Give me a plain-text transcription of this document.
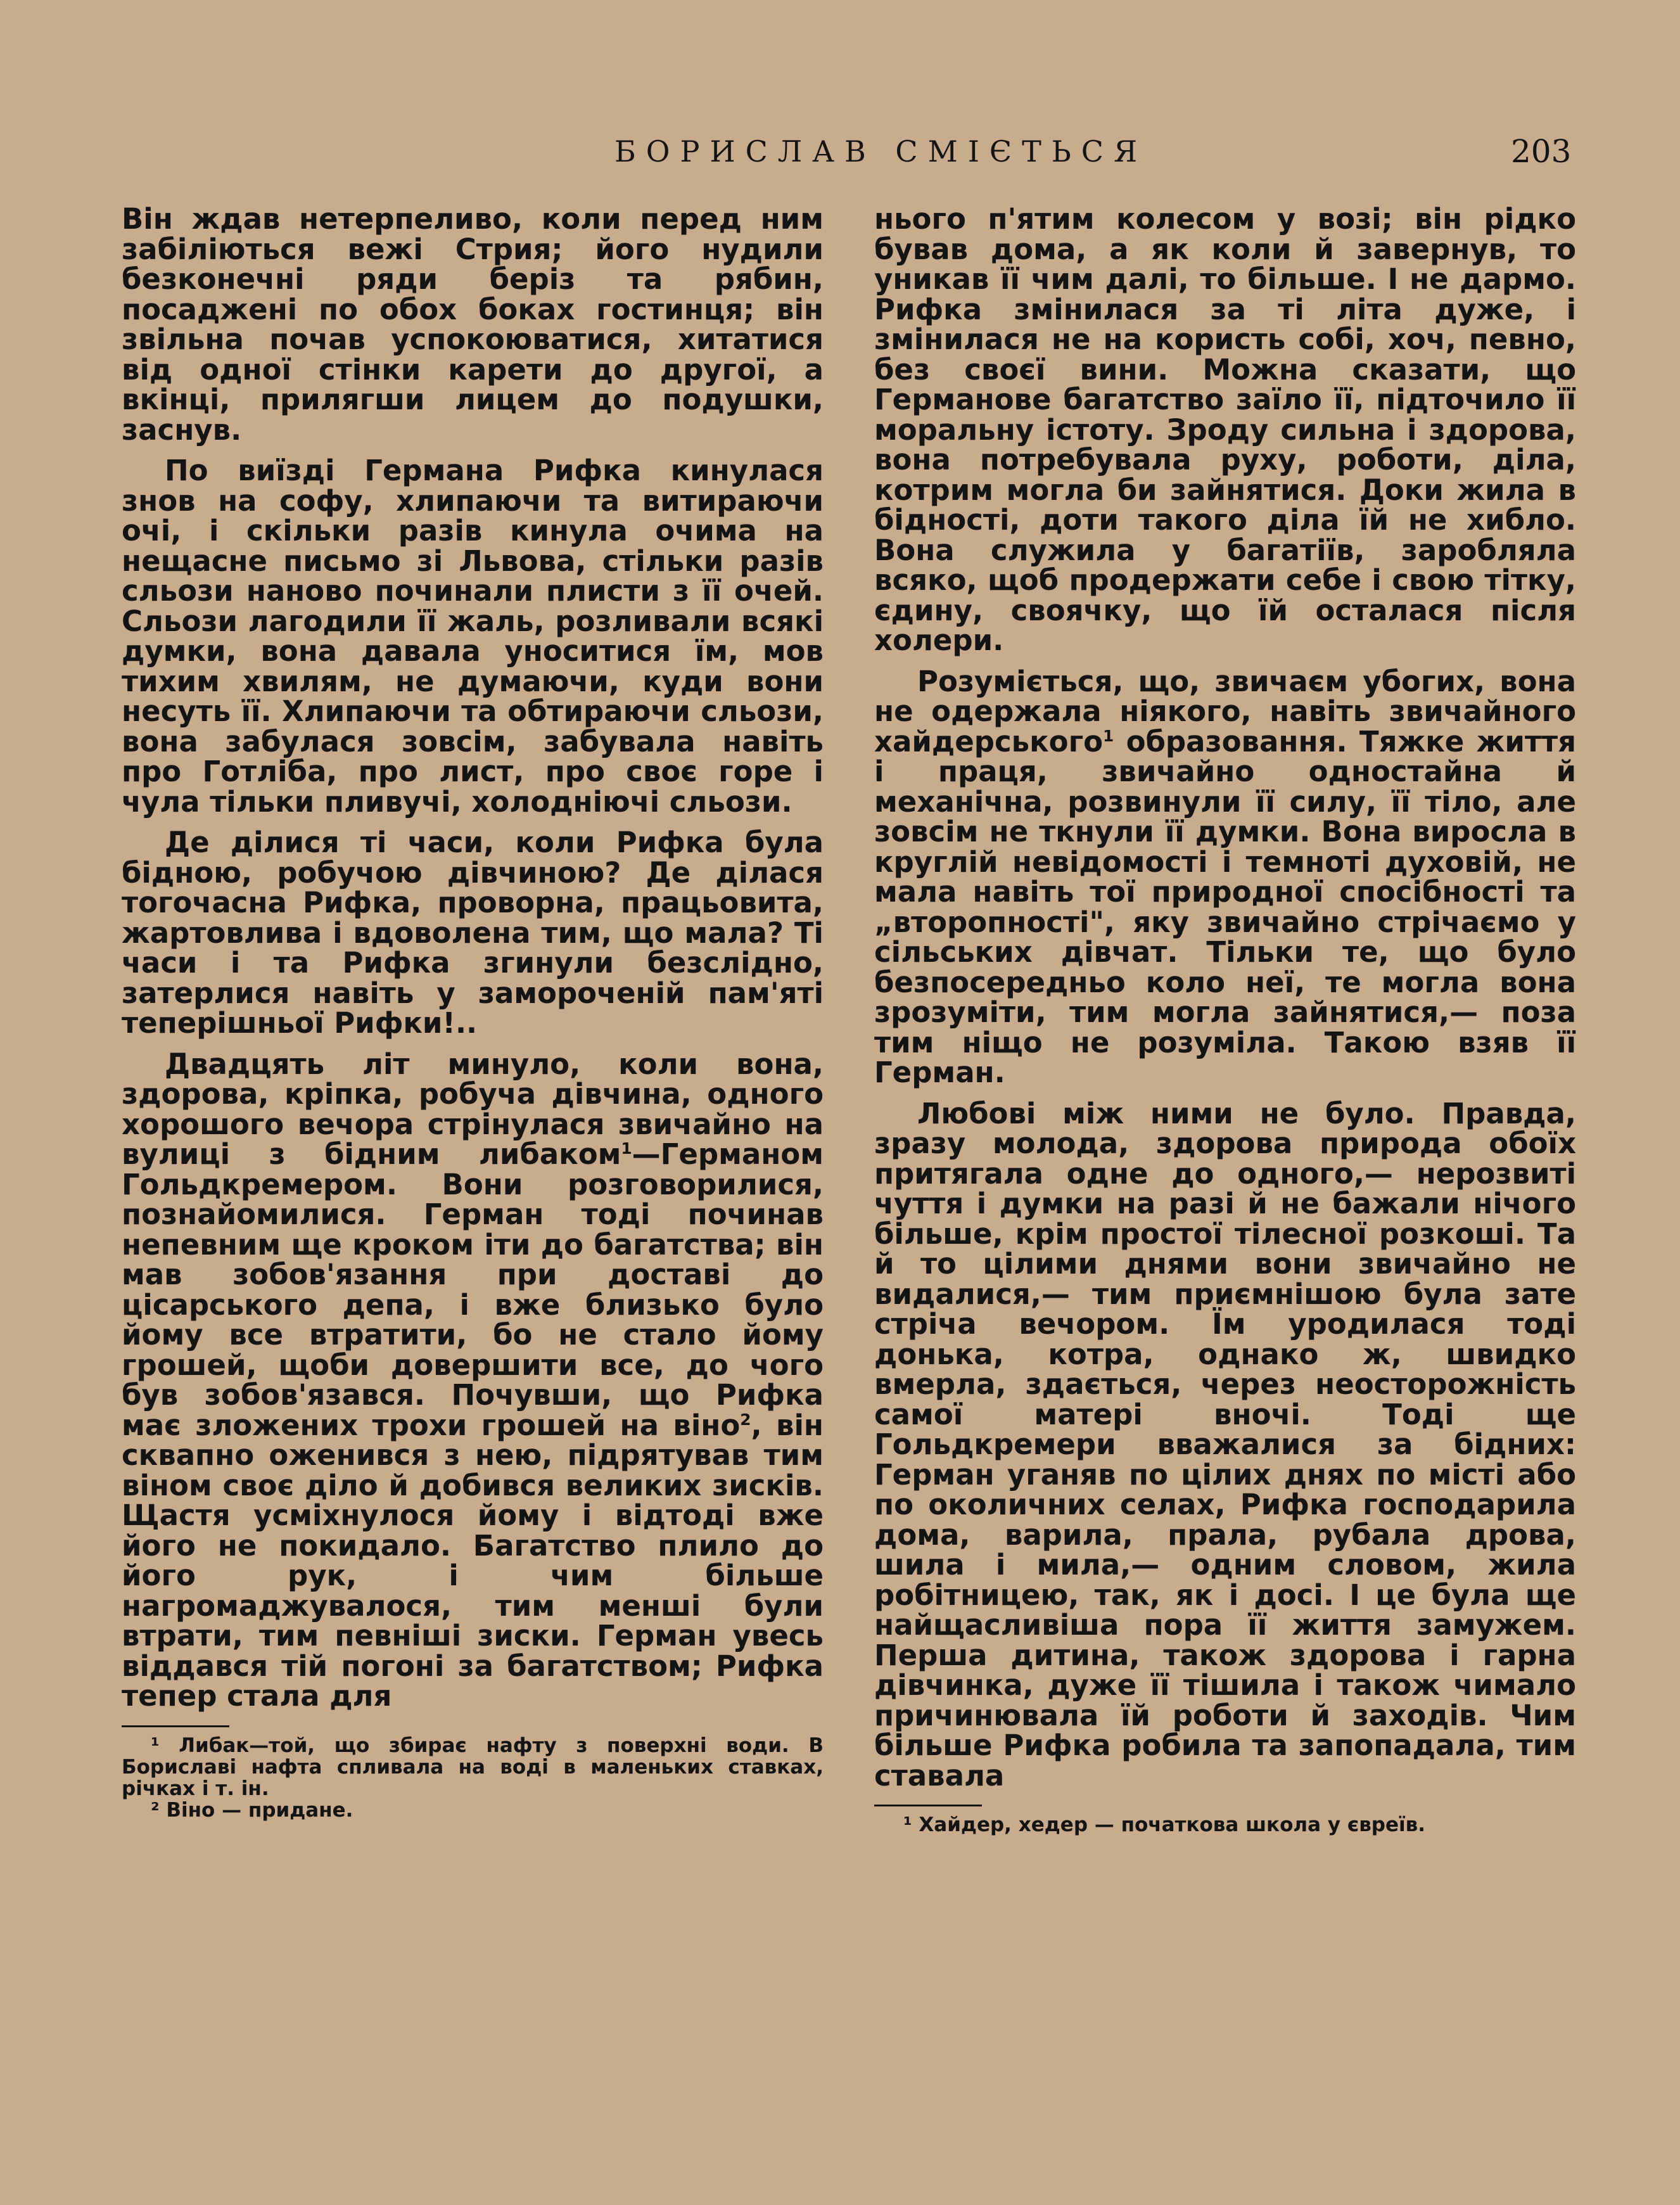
БОРИСЛАВ СМІЄТЬСЯ	203

Він ждав нетерпеливо, коли перед ним забіліються вежі Стрия; його нудили безконечні ряди беріз та рябин, посаджені по обох боках гостинця; він звільна почав успокоюватися, хитатися від одної стінки карети до другої, а вкінці, прилягши лицем до подушки, заснув.

По виїзді Германа Рифка кинулася знов на софу, хлипаючи та витираючи очі, і скільки разів кинула очима на нещасне письмо зі Львова, стільки разів сльози наново починали плисти з її очей. Сльози лагодили її жаль, розливали всякі думки, вона давала уноситися їм, мов тихим хвилям, не думаючи, куди вони несуть її. Хлипаючи та обтираючи сльози, вона забулася зовсім, забувала навіть про Готліба, про лист, про своє горе і чула тільки пливучі, холодніючі сльози.

Де ділися ті часи, коли Рифка була бідною, робучою дівчиною? Де ділася тогочасна Рифка, проворна, працьовита, жартовлива і вдоволена тим, що мала? Ті часи і та Рифка згинули безслідно, затерлися навіть у замороченій пам'яті теперішньої Рифки!..

Двадцять літ минуло, коли вона, здорова, кріпка, робуча дівчина, одного хорошого вечора стрінулася звичайно на вулиці з бідним либаком$^1$—Германом Гольдкремером. Вони розговорилися, познайомилися. Герман тоді починав непевним ще кроком іти до багатства; він мав зобов'язання при доставі до цісарського депа, і вже близько було йому все втратити, бо не стало йому грошей, щоби довершити все, до чого був зобов'язався. Почувши, що Рифка має зложених трохи грошей на віно$^2$, він сквапно оженився з нею, підрятував тим віном своє діло й добився великих зисків. Щастя усміхнулося йому і відтоді вже його не покидало. Багатство плило до його рук, і чим більше нагромаджувалося, тим менші були втрати, тим певніші зиски. Герман увесь віддався тій погоні за багатством; Рифка тепер стала для

¹ Либак—той, що збирає нафту з поверхні води. В Бориславі нафта спливала на воді в маленьких ставках, річках і т. ін.

² Віно — придане.

нього п'ятим колесом у возі; він рідко бував дома, а як коли й завернув, то уникав її чим далі, то більше. І не дармо. Рифка змінилася за ті літа дуже, і змінилася не на користь собі, хоч, певно, без своєї вини. Можна сказати, що Германове багатство заїло її, підточило її моральну істоту. Зроду сильна і здорова, вона потребувала руху, роботи, діла, котрим могла би зайнятися. Доки жила в бідності, доти такого діла їй не хибло. Вона служила у багатіїв, заробляла всяко, щоб продержати себе і свою тітку, єдину, своячку, що їй осталася після холери.

Розуміється, що, звичаєм убогих, вона не одержала ніякого, навіть звичайного хайдерського$^1$ образовання. Тяжке життя і праця, звичайно одностайна й механічна, розвинули її силу, її тіло, але зовсім не ткнули її думки. Вона виросла в круглій невідомості і темноті духовій, не мала навіть тої природної спосібності та „второпності", яку звичайно стрічаємо у сільських дівчат. Тільки те, що було безпосередньо коло неї, те могла вона зрозуміти, тим могла зайнятися,— поза тим ніщо не розуміла. Такою взяв її Герман.

Любові між ними не було. Правда, зразу молода, здорова природа обоїх притягала одне до одного,— нерозвиті чуття і думки на разі й не бажали нічого більше, крім простої тілесної розкоші. Та й то цілими днями вони звичайно не видалися,— тим приємнішою була зате стріча вечором. Їм уродилася тоді донька, котра, однако ж, швидко вмерла, здається, через неосторожність самої матері вночі. Тоді ще Гольдкремери вважалися за бідних: Герман уганяв по цілих днях по місті або по околичних селах, Рифка господарила дома, варила, прала, рубала дрова, шила і мила,— одним словом, жила робітницею, так, як і досі. І це була ще найщасливіша пора її життя замужем. Перша дитина, також здорова і гарна дівчинка, дуже її тішила і також чимало причинювала їй роботи й заходів. Чим більше Рифка робила та запопадала, тим ставала

¹ Хайдер, хедер — початкова школа у євреїв.
